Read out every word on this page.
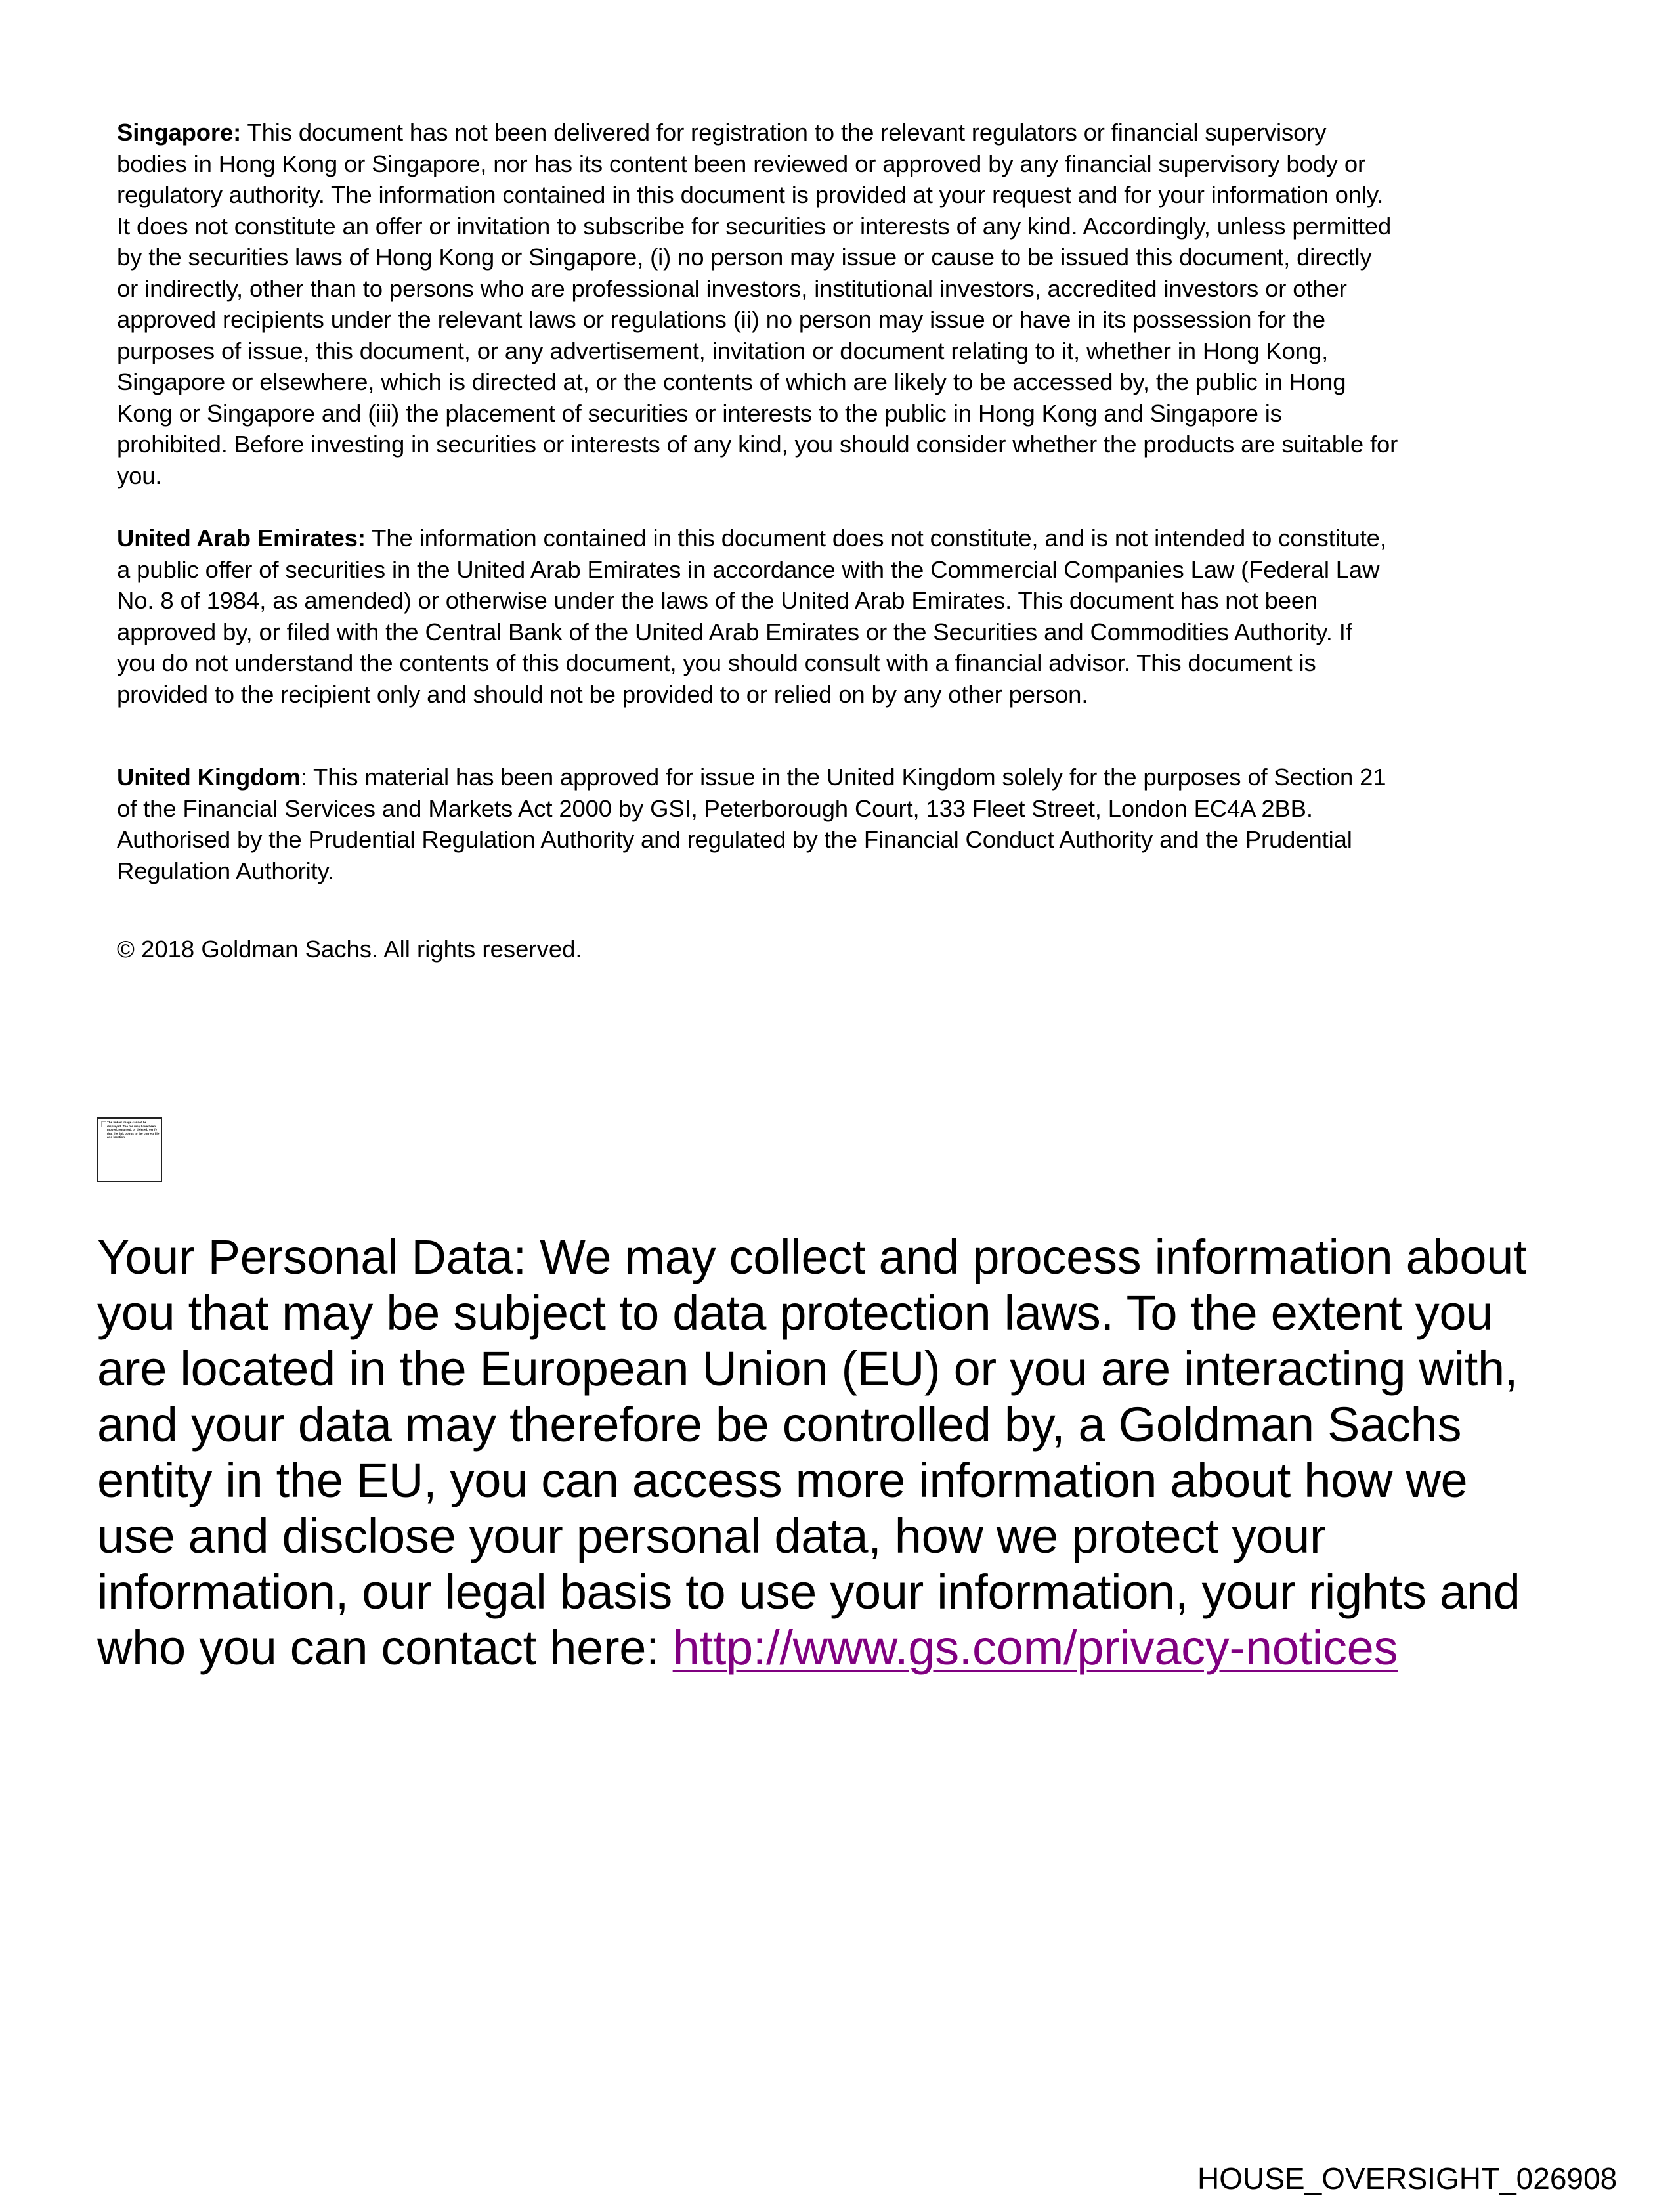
Singapore: This document has not been delivered for registration to the relevant regulators or financial supervisory
bodies in Hong Kong or Singapore, nor has its content been reviewed or approved by any financial supervisory body or
regulatory authority. The information contained in this document is provided at your request and for your information only.
It does not constitute an offer or invitation to subscribe for securities or interests of any kind. Accordingly, unless permitted
by the securities laws of Hong Kong or Singapore, (i) no person may issue or cause to be issued this document, directly
or indirectly, other than to persons who are professional investors, institutional investors, accredited investors or other
approved recipients under the relevant laws or regulations (ii) no person may issue or have in its possession for the
purposes of issue, this document, or any advertisement, invitation or document relating to it, whether in Hong Kong,
Singapore or elsewhere, which is directed at, or the contents of which are likely to be accessed by, the public in Hong
Kong or Singapore and (iii) the placement of securities or interests to the public in Hong Kong and Singapore is
prohibited. Before investing in securities or interests of any kind, you should consider whether the products are suitable for
you.
United Arab Emirates: The information contained in this document does not constitute, and is not intended to constitute,
a public offer of securities in the United Arab Emirates in accordance with the Commercial Companies Law (Federal Law
No. 8 of 1984, as amended) or otherwise under the laws of the United Arab Emirates. This document has not been
approved by, or filed with the Central Bank of the United Arab Emirates or the Securities and Commodities Authority. If
you do not understand the contents of this document, you should consult with a financial advisor. This document is
provided to the recipient only and should not be provided to or relied on by any other person.
United Kingdom: This material has been approved for issue in the United Kingdom solely for the purposes of Section 21
of the Financial Services and Markets Act 2000 by GSI, Peterborough Court, 133 Fleet Street, London EC4A 2BB.
Authorised by the Prudential Regulation Authority and regulated by the Financial Conduct Authority and the Prudential
Regulation Authority.
© 2018 Goldman Sachs. All rights reserved.
The linked image cannot be displayed. The file may have been moved, renamed, or deleted. Verify that the link points to the correct file and location.
Your Personal Data: We may collect and process information about
you that may be subject to data protection laws. To the extent you
are located in the European Union (EU) or you are interacting with,
and your data may therefore be controlled by, a Goldman Sachs
entity in the EU, you can access more information about how we
use and disclose your personal data, how we protect your
information, our legal basis to use your information, your rights and
who you can contact here: http://www.gs.com/privacy-notices
HOUSE_OVERSIGHT_026908
